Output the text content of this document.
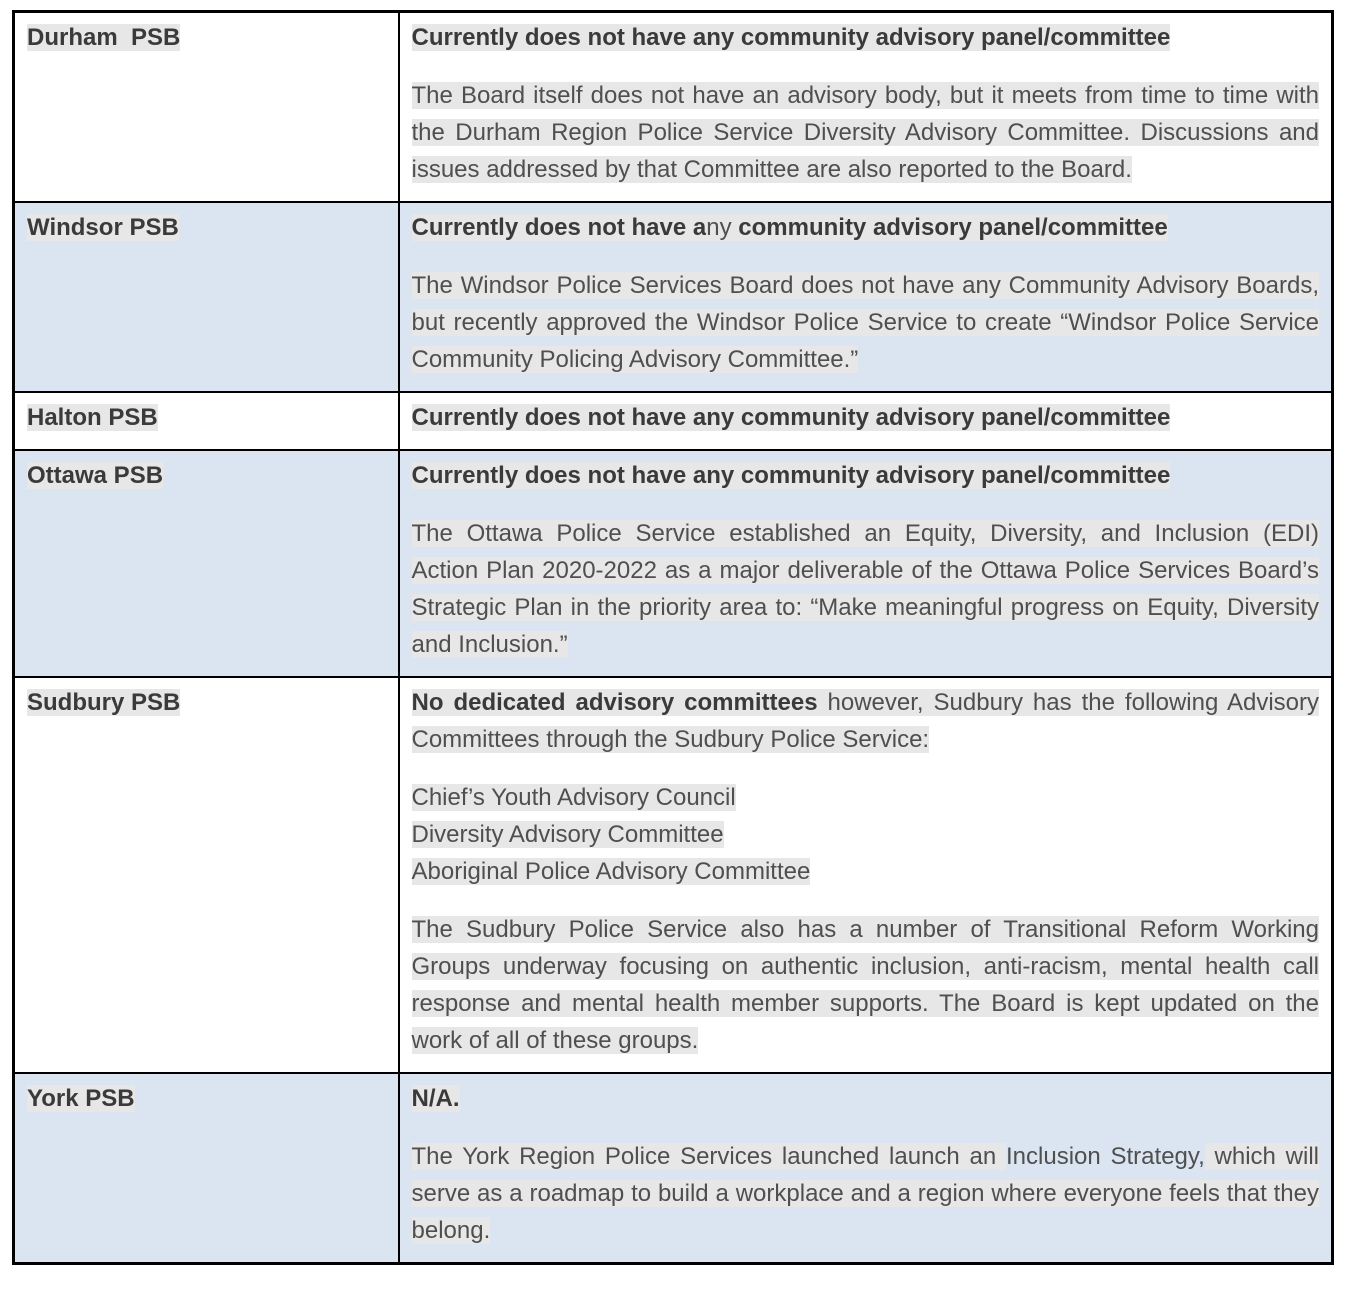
Durham  PSB	Currently does not have any community advisory panel/committee

The Board itself does not have an advisory body, but it meets from time to time with the Durham Region Police Service Diversity Advisory Committee. Discussions and issues addressed by that Committee are also reported to the Board.

Windsor PSB	Currently does not have any community advisory panel/committee

The Windsor Police Services Board does not have any Community Advisory Boards, but recently approved the Windsor Police Service to create “Windsor Police Service Community Policing Advisory Committee.”

Halton PSB	Currently does not have any community advisory panel/committee

Ottawa PSB	Currently does not have any community advisory panel/committee

The Ottawa Police Service established an Equity, Diversity, and Inclusion (EDI) Action Plan 2020-2022 as a major deliverable of the Ottawa Police Services Board’s Strategic Plan in the priority area to: “Make meaningful progress on Equity, Diversity and Inclusion.”

Sudbury PSB	No dedicated advisory committees however, Sudbury has the following Advisory Committees through the Sudbury Police Service:

Chief’s Youth Advisory Council

Diversity Advisory Committee

Aboriginal Police Advisory Committee

The Sudbury Police Service also has a number of Transitional Reform Working Groups underway focusing on authentic inclusion, anti-racism, mental health call response and mental health member supports. The Board is kept updated on the work of all of these groups.

York PSB	N/A.

The York Region Police Services launched launch an Inclusion Strategy, which will serve as a roadmap to build a workplace and a region where everyone feels that they belong.
